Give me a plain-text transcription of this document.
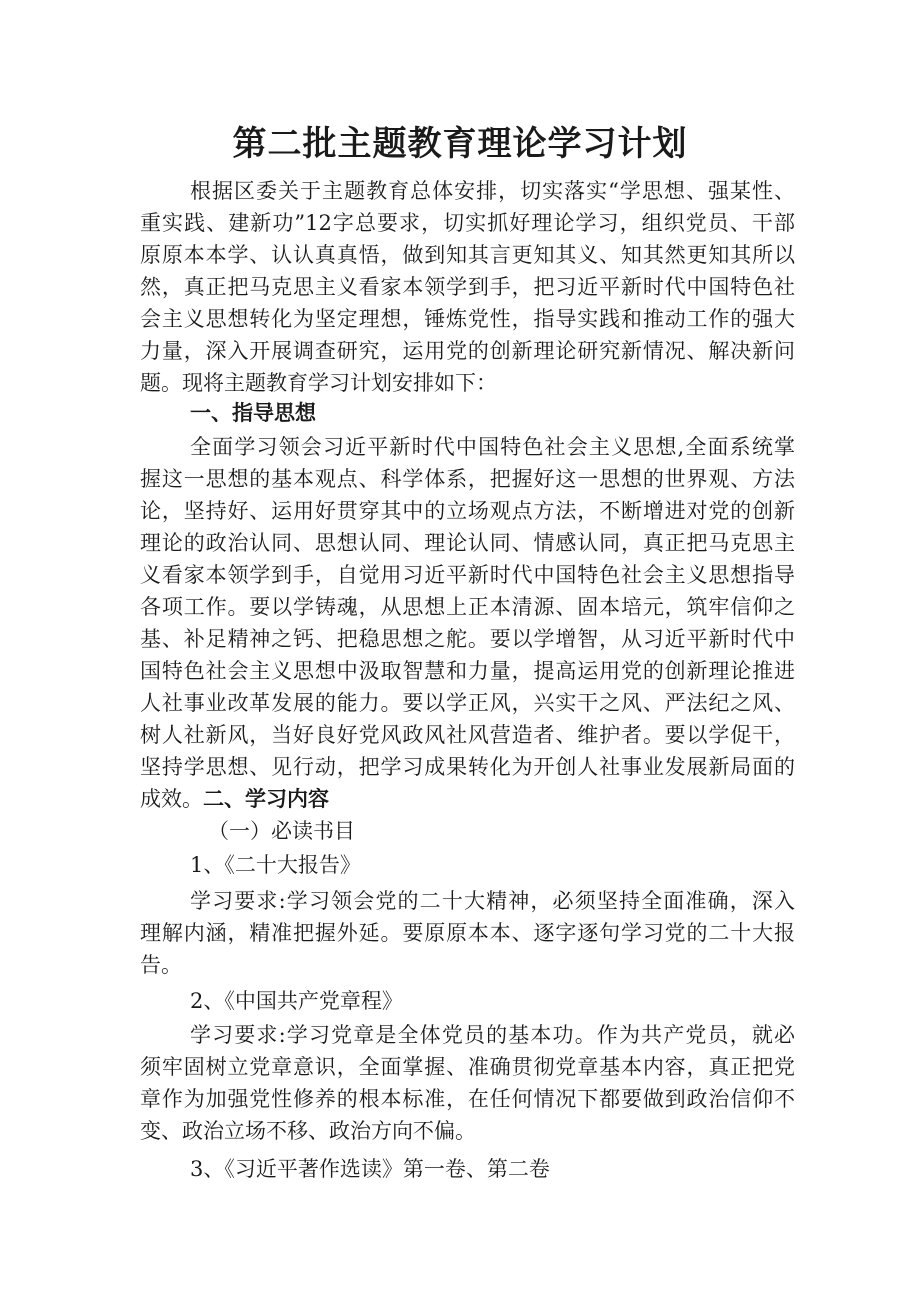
第二批主题教育理论学习计划
根据区委关于主题教育总体安排，切实落实“学思想、强某性、
重实践、建新功”12字总要求，切实抓好理论学习，组织党员、干部
原原本本学、认认真真悟，做到知其言更知其义、知其然更知其所以
然，真正把马克思主义看家本领学到手，把习近平新时代中国特色社
会主义思想转化为坚定理想，锤炼党性，指导实践和推动工作的强大
力量，深入开展调查研究，运用党的创新理论研究新情况、解决新问
题。现将主题教育学习计划安排如下：
一、指导思想
全面学习领会习近平新时代中国特色社会主义思想,全面系统掌
握这一思想的基本观点、科学体系，把握好这一思想的世界观、方法
论，坚持好、运用好贯穿其中的立场观点方法，不断增进对党的创新
理论的政治认同、思想认同、理论认同、情感认同，真正把马克思主
义看家本领学到手，自觉用习近平新时代中国特色社会主义思想指导
各项工作。要以学铸魂，从思想上正本清源、固本培元，筑牢信仰之
基、补足精神之钙、把稳思想之舵。要以学增智，从习近平新时代中
国特色社会主义思想中汲取智慧和力量，提高运用党的创新理论推进
人社事业改革发展的能力。要以学正风，兴实干之风、严法纪之风、
树人社新风，当好良好党风政风社风营造者、维护者。要以学促干，
坚持学思想、见行动，把学习成果转化为开创人社事业发展新局面的
成效。二、学习内容
（一）必读书目
1、《二十大报告》
学习要求:学习领会党的二十大精神，必须坚持全面准确，深入
理解内涵，精准把握外延。要原原本本、逐字逐句学习党的二十大报
告。
2、《中国共产党章程》
学习要求:学习党章是全体党员的基本功。作为共产党员，就必
须牢固树立党章意识，全面掌握、准确贯彻党章基本内容，真正把党
章作为加强党性修养的根本标准，在任何情况下都要做到政治信仰不
变、政治立场不移、政治方向不偏。
3、《习近平著作选读》第一卷、第二卷
